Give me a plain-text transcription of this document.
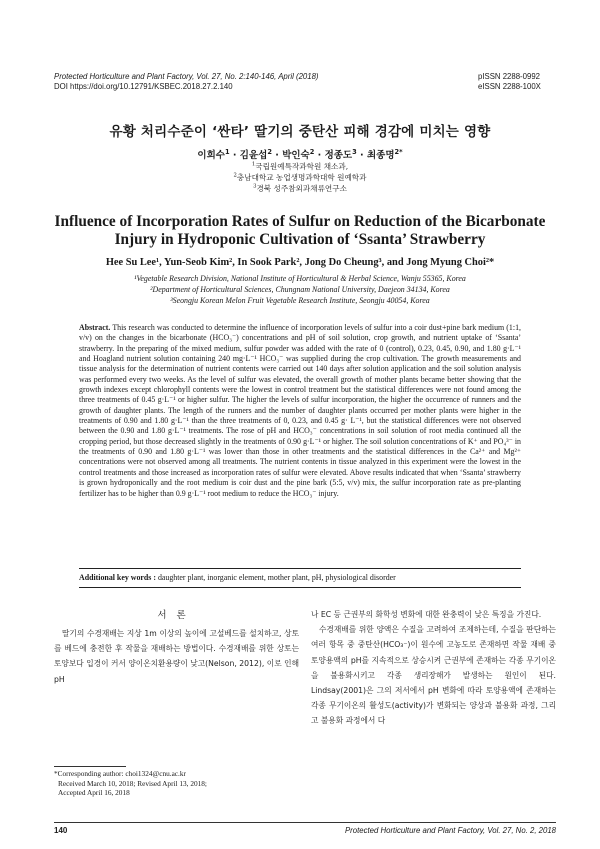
Protected Horticulture and Plant Factory, Vol. 27, No. 2:140-146, April (2018)
DOI https://doi.org/10.12791/KSBEC.2018.27.2.140
pISSN 2288-0992
eISSN 2288-100X
유황 처리수준이 ‘싼타’ 딸기의 중탄산 피해 경감에 미치는 영향
이희수$^1$ · 김윤섭$^2$ · 박인숙$^2$ · 정종도$^3$ · 최종명$^{2*}$
$^1$국립원예특작과학원 채소과,
$^2$충남대학교 농업생명과학대학 원예학과
$^3$경북 성주참외과채류연구소
Influence of Incorporation Rates of Sulfur on Reduction of the Bicarbonate Injury in Hydroponic Cultivation of ‘Ssanta’ Strawberry
Hee Su Lee¹, Yun-Seob Kim², In Sook Park², Jong Do Cheung³, and Jong Myung Choi²*
¹Vegetable Research Division, National Institute of Horticultural & Herbal Science, Wanju 55365, Korea
²Department of Horticultural Sciences, Chungnam National University, Daejeon 34134, Korea
³Seongju Korean Melon Fruit Vegetable Research Institute, Seongju 40054, Korea
Abstract. This research was conducted to determine the influence of incorporation levels of sulfur into a coir dust+pine bark medium (1:1, v/v) on the changes in the bicarbonate (HCO₃⁻) concentrations and pH of soil solution, crop growth, and nutrient uptake of ‘Ssanta’ strawberry. In the preparing of the mixed medium, sulfur powder was added with the rate of 0 (control), 0.23, 0.45, 0.90, and 1.80 g·L⁻¹ and Hoagland nutrient solution containing 240 mg·L⁻¹ HCO₃⁻ was supplied during the crop cultivation. The growth measurements and tissue analysis for the determination of nutrient contents were carried out 140 days after solution application and the soil solution analysis was performed every two weeks. As the level of sulfur was elevated, the overall growth of mother plants became better showing that the growth indexes except chlorophyll contents were the lowest in control treatment but the statistical differences were not found among the three treatments of 0.45 g·L⁻¹ or higher sulfur. The higher the levels of sulfur incorporation, the higher the occurrence of runners and the growth of daughter plants. The length of the runners and the number of daughter plants occurred per mother plants were higher in the treatments of 0.90 and 1.80 g·L⁻¹ than the three treatments of 0, 0.23, and 0.45 g· L⁻¹, but the statistical differences were not observed between the 0.90 and 1.80 g·L⁻¹ treatments. The rose of pH and HCO₃⁻ concentrations in soil solution of root media continued all the cropping period, but those decreased slightly in the treatments of 0.90 g·L⁻¹ or higher. The soil solution concentrations of K⁺ and PO₄³⁻ in the treatments of 0.90 and 1.80 g·L⁻¹ was lower than those in other treatments and the statistical differences in the Ca²⁺ and Mg²⁺ concentrations were not observed among all treatments. The nutrient contents in tissue analyzed in this experiment were the lowest in the control treatments and those increased as incorporation rates of sulfur were elevated. Above results indicated that when ‘Ssanta’ strawberry is grown hydroponically and the root medium is coir dust and the pine bark (5:5, v/v) mix, the sulfur incorporation rate as pre-planting fertilizer has to be higher than 0.9 g·L⁻¹ root medium to reduce the HCO₃⁻ injury.
Additional key words : daughter plant, inorganic element, mother plant, pH, physiological disorder
서론
딸기의 수경재배는 지상 1m 이상의 높이에 고설베드를 설치하고, 상토를 베드에 충전한 후 작물을 재배하는 방법이다. 수경재배를 위한 상토는 토양보다 입경이 커서 양이온치환용량이 낮고(Nelson, 2012), 이로 인해 pH
나 EC 등 근권부의 화학성 변화에 대한 완충력이 낮은 특징을 가진다.
수경재배를 위한 양액은 수질을 고려하여 조제하는데, 수질을 판단하는 여러 항목 중 중탄산(HCO₃⁻)이 원수에 고농도로 존재하면 작물 재배 중 토양용액의 pH를 지속적으로 상승시켜 근권부에 존재하는 각종 무기이온을 불용화시키고 각종 생리장해가 발생하는 원인이 된다. Lindsay(2001)은 그의 저서에서 pH 변화에 따라 토양용액에 존재하는 각종 무기이온의 활성도(activity)가 변화되는 양상과 불용화 과정, 그리고 불용화 과정에서 다
*Corresponding author: choi1324@cnu.ac.kr
Received March 10, 2018; Revised April 13, 2018;
Accepted April 16, 2018
140	Protected Horticulture and Plant Factory, Vol. 27, No. 2, 2018
